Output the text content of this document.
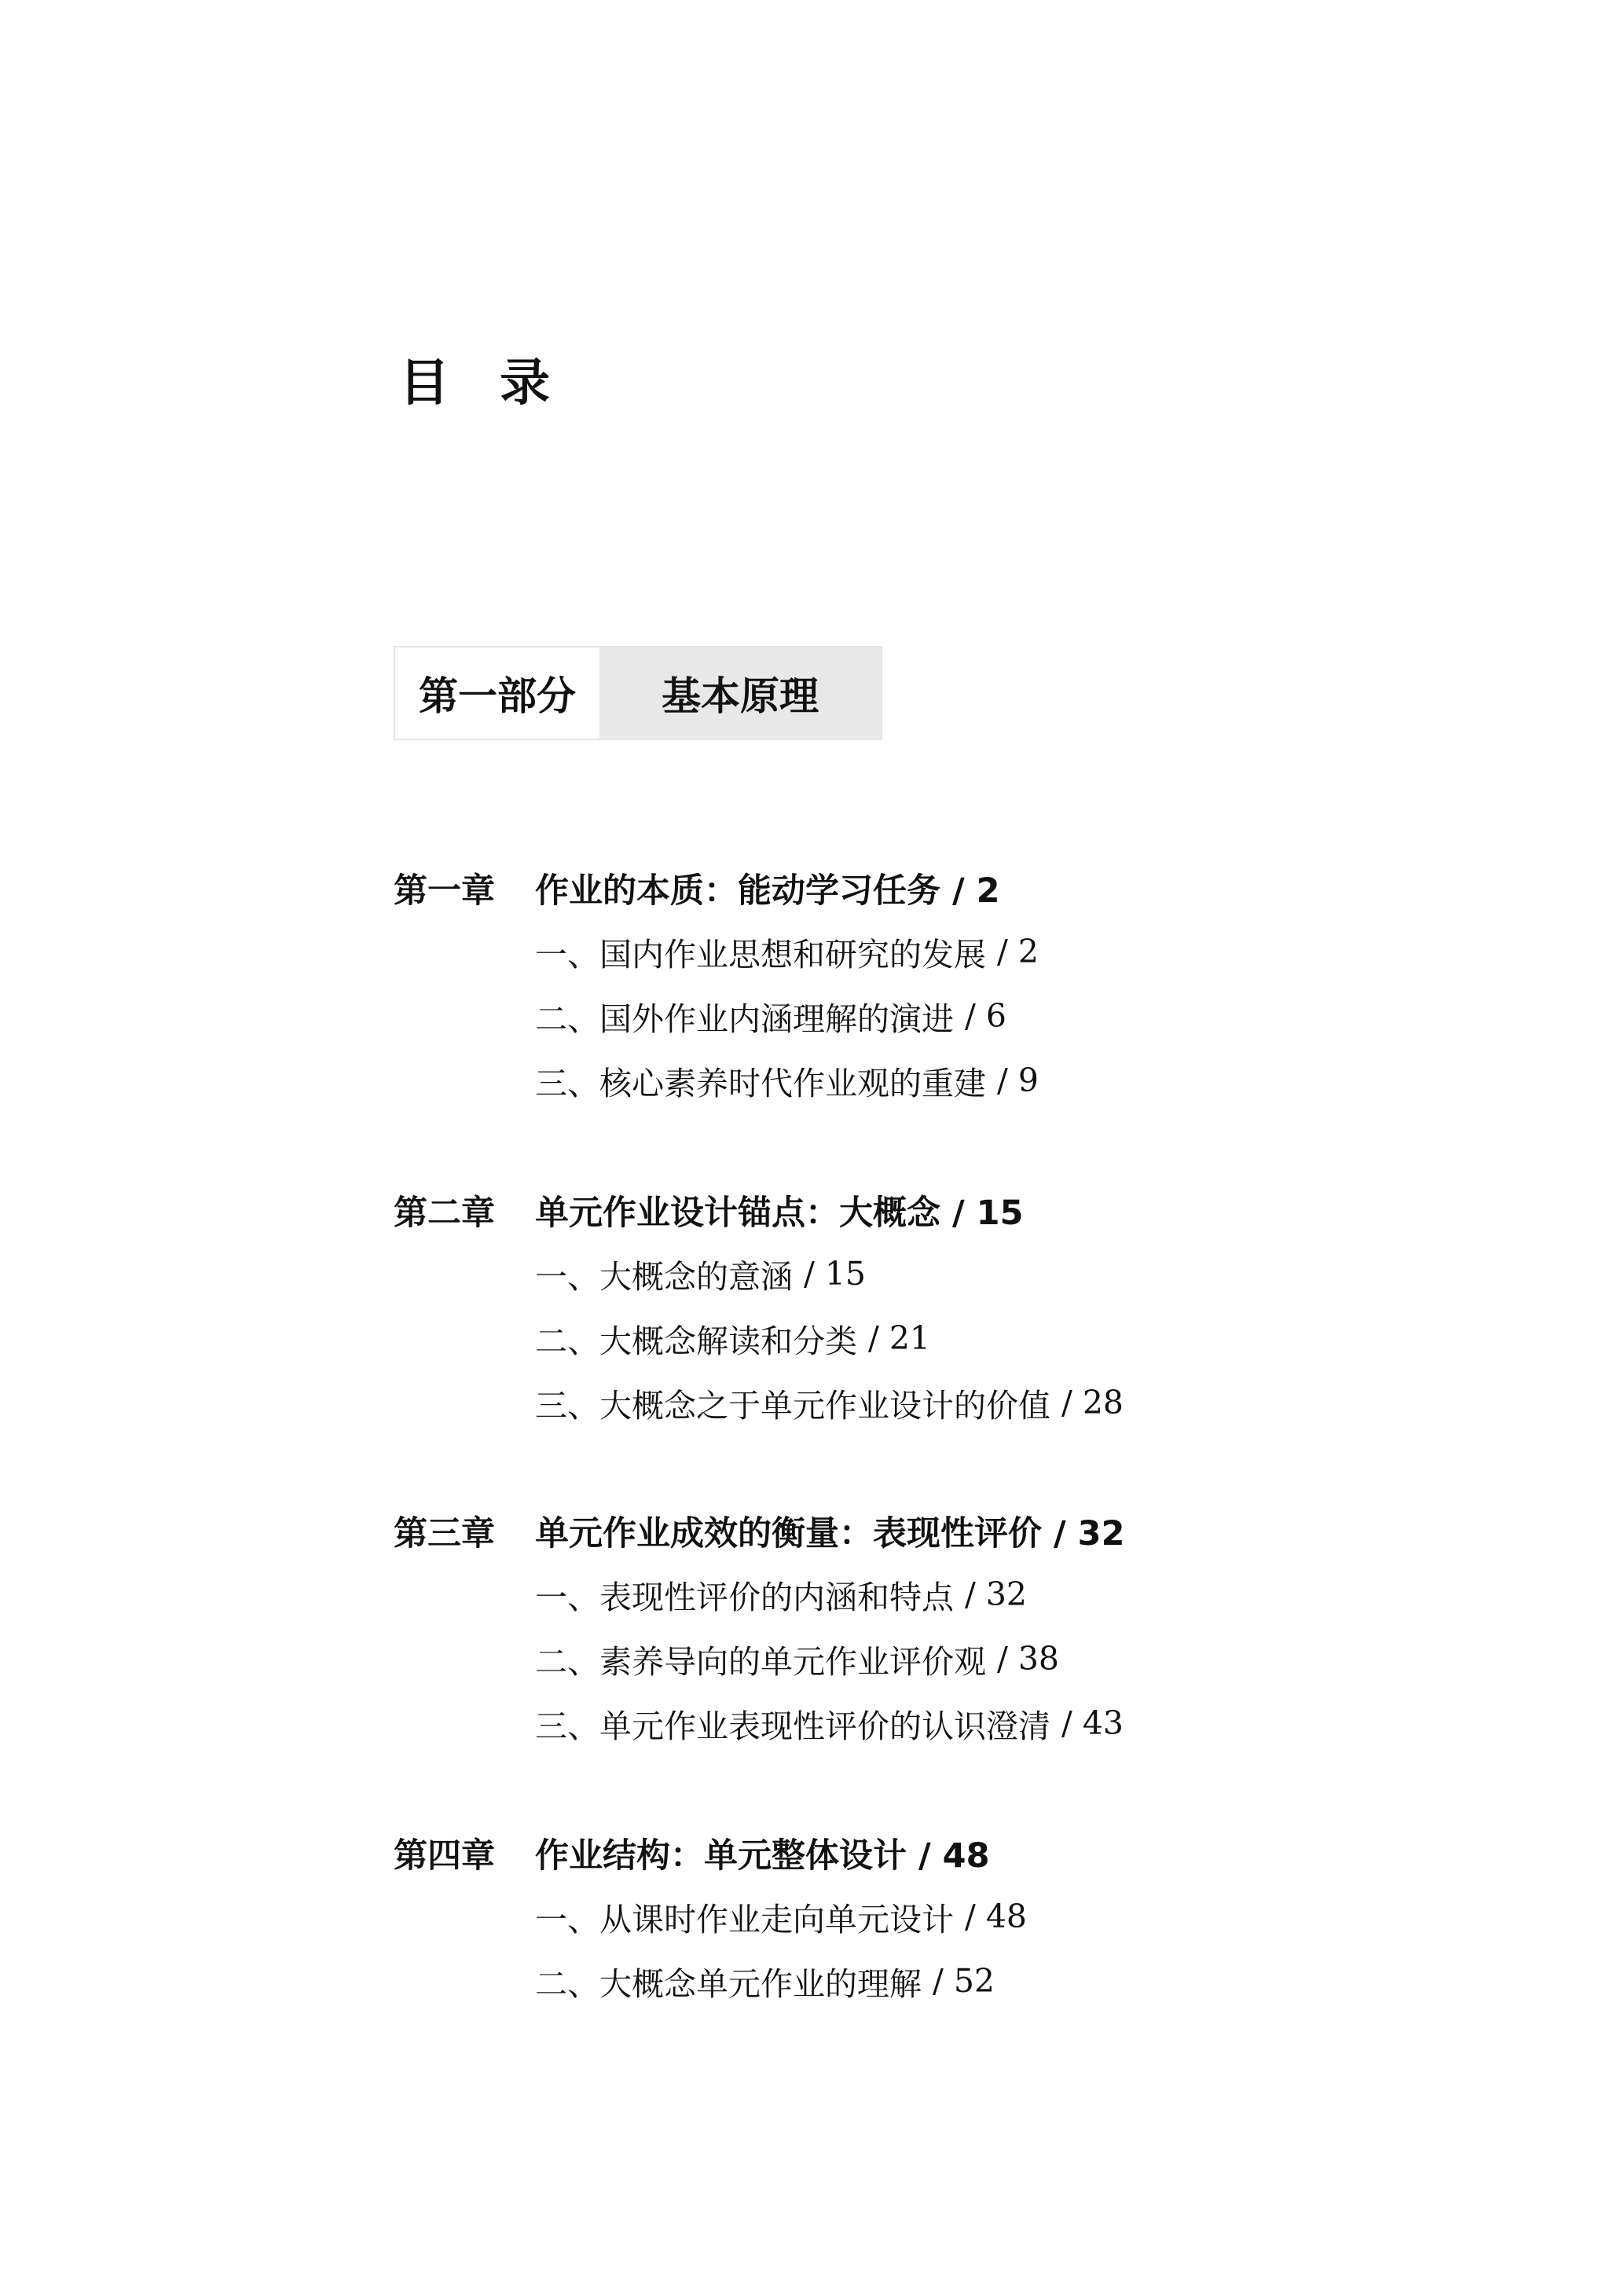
目录
第一部分	基本原理
第一章	作业的本质：能动学习任务 / 2
一、国内作业思想和研究的发展 / 2
二、国外作业内涵理解的演进 / 6
三、核心素养时代作业观的重建 / 9
第二章	单元作业设计锚点：大概念 / 15
一、大概念的意涵 / 15
二、大概念解读和分类 / 21
三、大概念之于单元作业设计的价值 / 28
第三章	单元作业成效的衡量：表现性评价 / 32
一、表现性评价的内涵和特点 / 32
二、素养导向的单元作业评价观 / 38
三、单元作业表现性评价的认识澄清 / 43
第四章	作业结构：单元整体设计 / 48
一、从课时作业走向单元设计 / 48
二、大概念单元作业的理解 / 52
